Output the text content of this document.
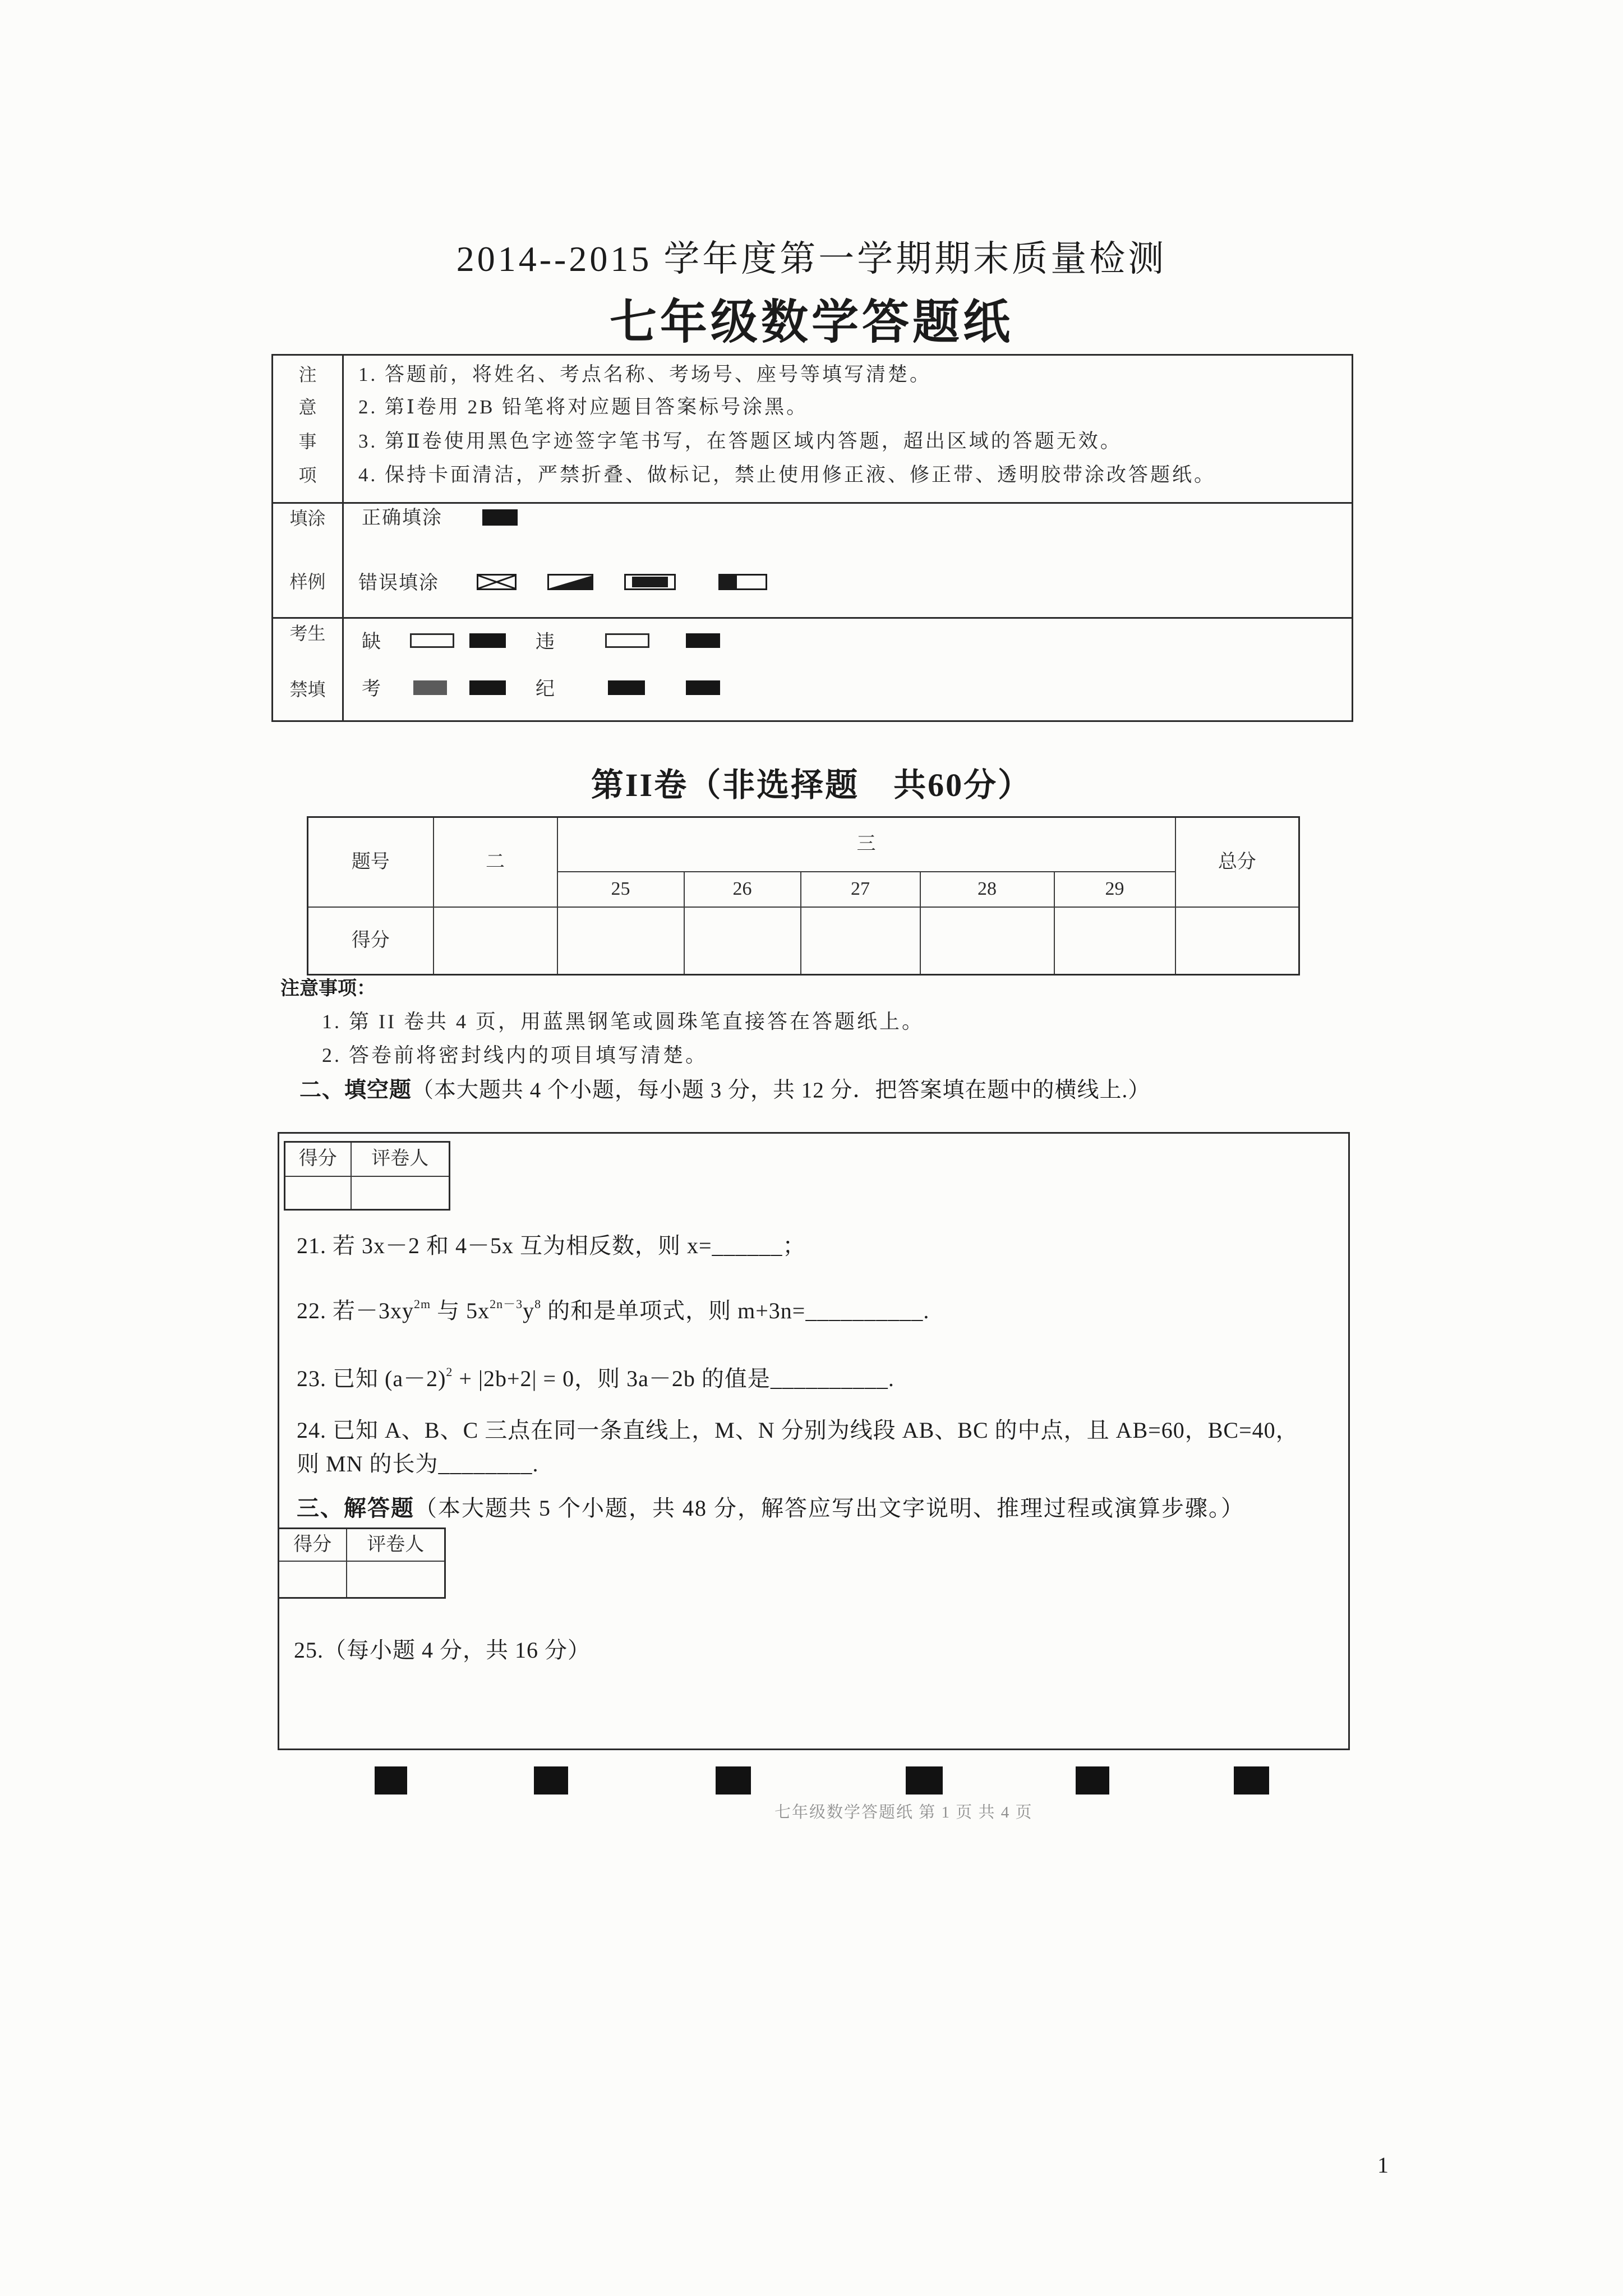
2014--2015 学年度第一学期期末质量检测
七年级数学答题纸
注
意
事
项
1. 答题前，将姓名、考点名称、考场号、座号等填写清楚。
2. 第Ⅰ卷用 2B 铅笔将对应题目答案标号涂黑。
3. 第Ⅱ卷使用黑色字迹签字笔书写，在答题区域内答题，超出区域的答题无效。
4. 保持卡面清洁，严禁折叠、做标记，禁止使用修正液、修正带、透明胶带涂改答题纸。
填涂
样例
正确填涂
错误填涂
考生
禁填
缺	违
考	纪
第II卷（非选择题　共60分）
题号	二	三					总分
		25	26	27	28	29	
得分							
注意事项：
1. 第 II 卷共 4 页，用蓝黑钢笔或圆珠笔直接答在答题纸上。
2. 答卷前将密封线内的项目填写清楚。
二、填空题（本大题共 4 个小题，每小题 3 分，共 12 分．把答案填在题中的横线上.）
得分	评卷人

21. 若 3x－2 和 4－5x 互为相反数，则 x=______；
22. 若$-3xy^{2m}$ 与 $5x^{2n-3}y^8$ 的和是单项式，则 m+3n=__________.
23. 已知 $(a-2)^2 + |2b+2| = 0$，则 3a－2b 的值是__________.
24. 已知 A、B、C 三点在同一条直线上，M、N 分别为线段 AB、BC 的中点，且 AB=60，BC=40，
则 MN 的长为________.
三、解答题（本大题共 5 个小题，共 48 分，解答应写出文字说明、推理过程或演算步骤。）
得分	评卷人

25.（每小题 4 分，共 16 分）
七年级数学答题纸 第 1 页 共 4 页
1
